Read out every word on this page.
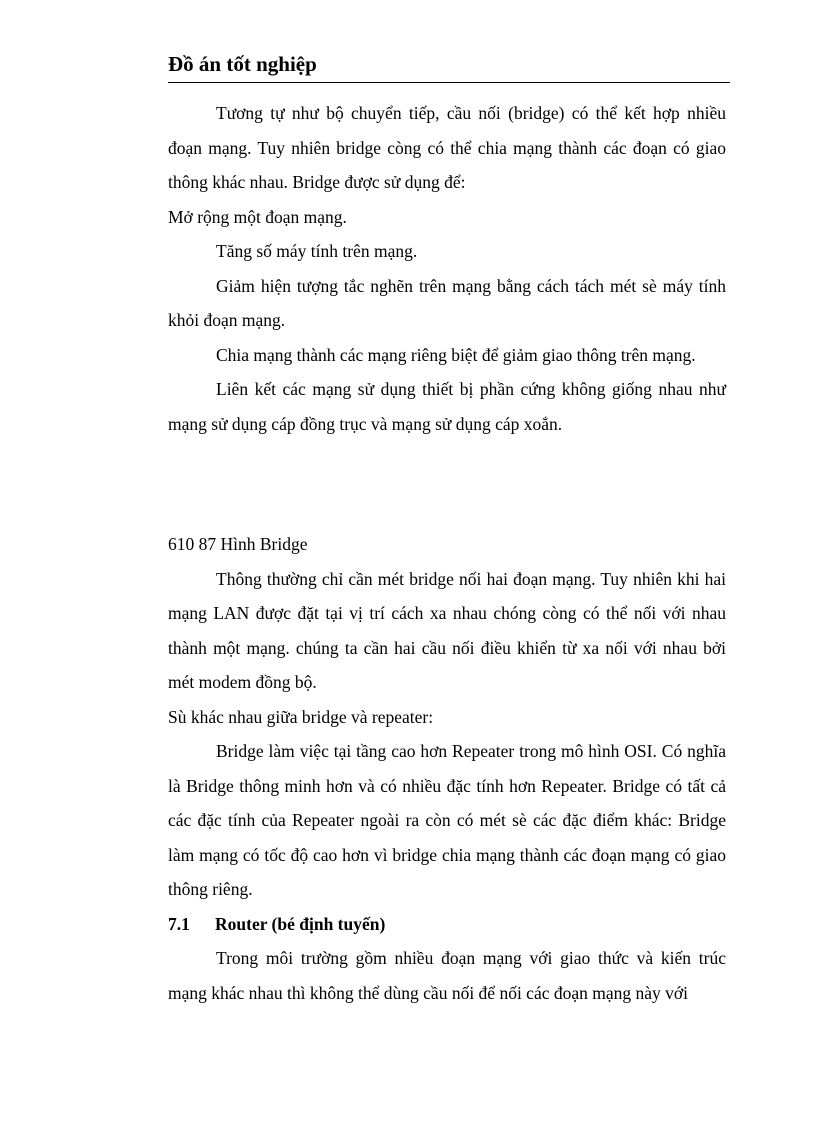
Đồ án tốt nghiệp

Tương tự như bộ chuyển tiếp, cầu nối (bridge) có thể kết hợp nhiều đoạn mạng. Tuy nhiên bridge còng có thể chia mạng thành các đoạn có giao thông khác nhau. Bridge được sử dụng để:

Mở rộng một đoạn mạng.

Tăng số máy tính trên mạng.

Giảm hiện tượng tắc nghẽn trên mạng bằng cách tách mét sè máy tính khỏi đoạn mạng.

Chia mạng thành các mạng riêng biệt để giảm giao thông trên mạng.

Liên kết các mạng sử dụng thiết bị phần cứng không giống nhau như mạng sử dụng cáp đồng trục và mạng sử dụng cáp xoắn.

610 87 Hình Bridge

Thông thường chỉ cần mét bridge nối hai đoạn mạng. Tuy nhiên khi hai mạng LAN được đặt tại vị trí cách xa nhau chóng còng có thể nối với nhau thành một mạng. chúng ta cần hai cầu nối điều khiển từ xa nối với nhau bởi mét modem đồng bộ.

Sù khác nhau giữa bridge và repeater:

Bridge làm việc tại tầng cao hơn Repeater trong mô hình OSI. Có nghĩa là Bridge thông minh hơn và có nhiều đặc tính hơn Repeater. Bridge có tất cả các đặc tính của Repeater ngoài ra còn có mét sè các đặc điểm khác: Bridge làm mạng có tốc độ cao hơn vì bridge chia mạng thành các đoạn mạng có giao thông riêng.

7.1	Router (bé định tuyến)

Trong môi trường gồm nhiều đoạn mạng với giao thức và kiến trúc mạng khác nhau thì không thể dùng cầu nối để nối các đoạn mạng này với
